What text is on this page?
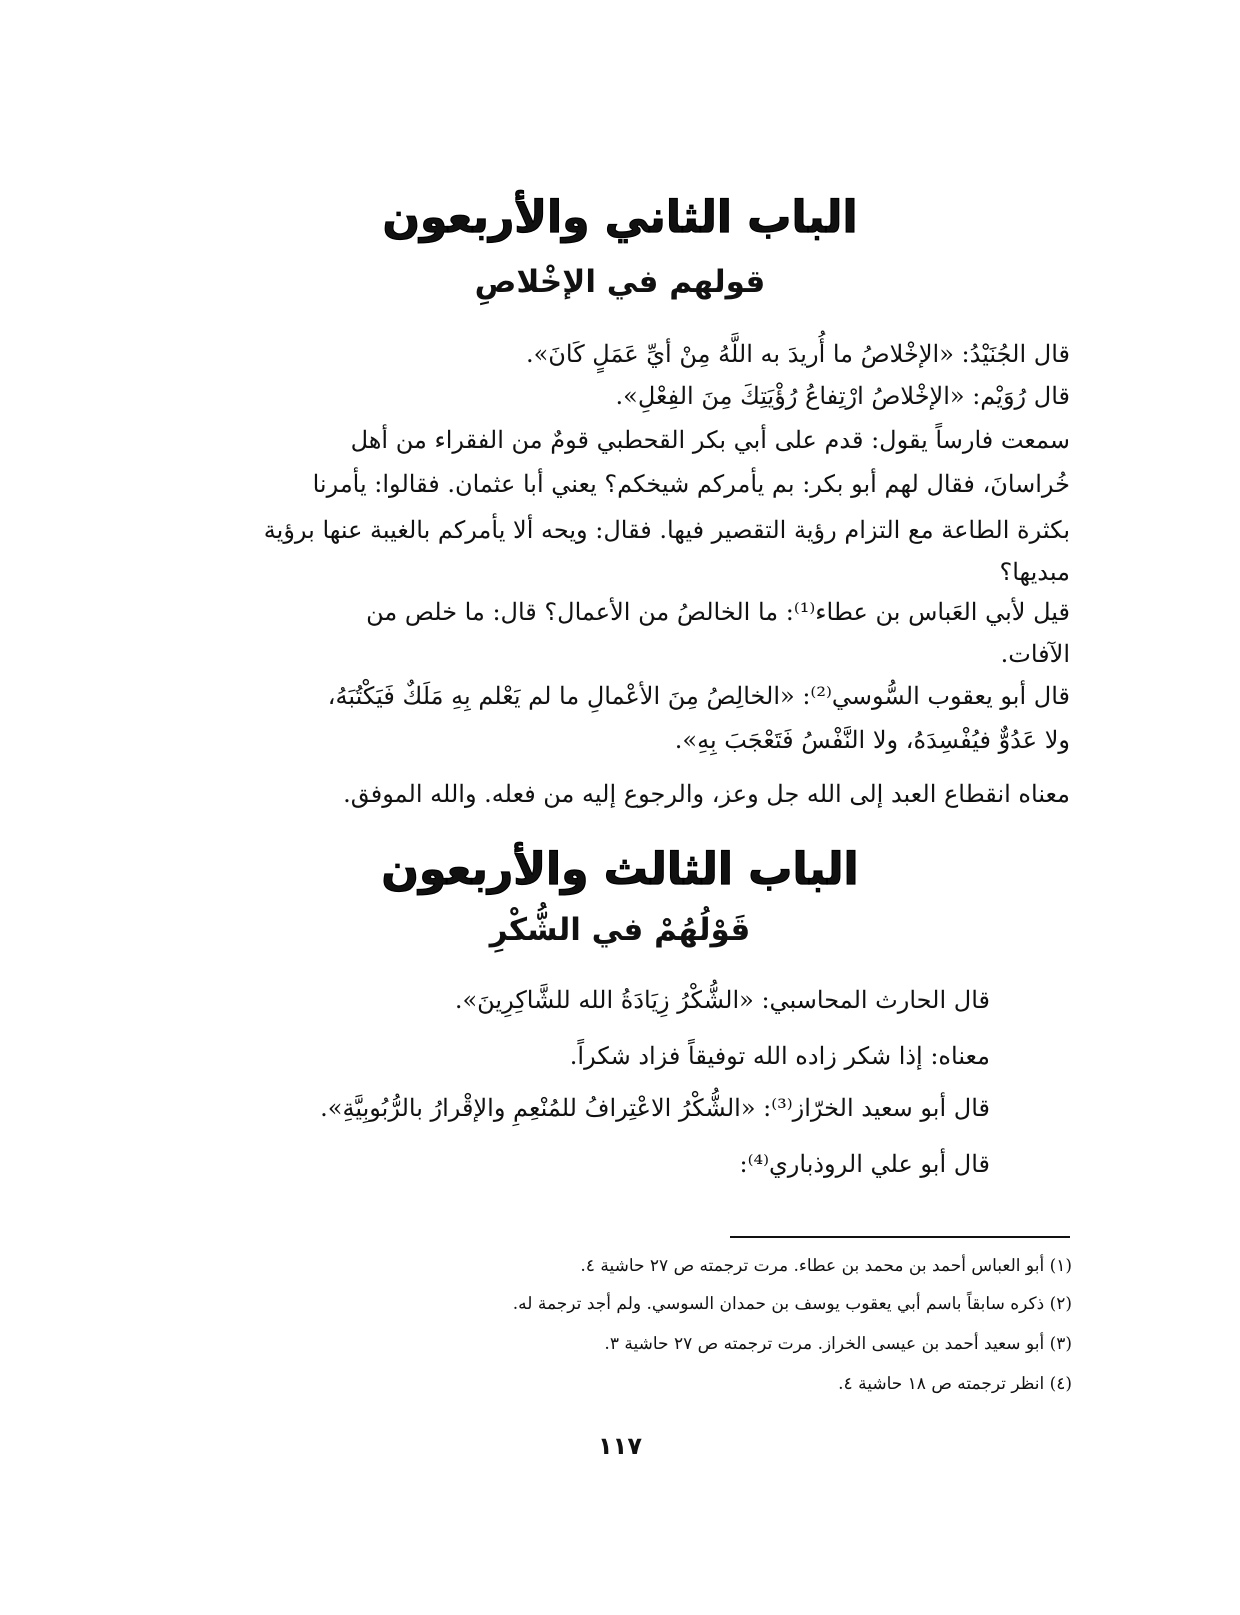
الباب الثاني والأربعون
قولهم في الإخْلاصِ
قال الجُنَيْدُ: «الإخْلاصُ ما أُريدَ به اللَّهُ مِنْ أيِّ عَمَلٍ كَانَ».
قال رُوَيْم: «الإخْلاصُ ارْتِفاعُ رُؤْيَتِكَ مِنَ الفِعْلِ».
سمعت فارساً يقول: قدم على أبي بكر القحطبي قومٌ من الفقراء من أهل
خُراسانَ، فقال لهم أبو بكر: بم يأمركم شيخكم؟ يعني أبا عثمان. فقالوا: يأمرنا
بكثرة الطاعة مع التزام رؤية التقصير فيها. فقال: ويحه ألا يأمركم بالغيبة عنها برؤية
مبديها؟
قيل لأبي العَباس بن عطاء⁽¹⁾: ما الخالصُ من الأعمال؟ قال: ما خلص من
الآفات.
قال أبو يعقوب السُّوسي⁽²⁾: «الخالِصُ مِنَ الأعْمالِ ما لم يَعْلم بِهِ مَلَكٌ فَيَكْتُبَهُ،
ولا عَدُوٌّ فيُفْسِدَهُ، ولا النَّفْسُ فَتَعْجَبَ بِهِ».
معناه انقطاع العبد إلى الله جل وعز، والرجوع إليه من فعله. والله الموفق.
الباب الثالث والأربعون
قَوْلُهُمْ في الشُّكْرِ
قال الحارث المحاسبي: «الشُّكْرُ زِيَادَةُ الله للشَّاكِرِينَ».
معناه: إذا شكر زاده الله توفيقاً فزاد شكراً.
قال أبو سعيد الخرّاز⁽³⁾: «الشُّكْرُ الاعْتِرافُ للمُنْعِمِ والإقْرارُ بالرُّبُوبِيَّةِ».
قال أبو علي الروذباري⁽⁴⁾:
(١) أبو العباس أحمد بن محمد بن عطاء. مرت ترجمته ص ٢٧ حاشية ٤.
(٢) ذكره سابقاً باسم أبي يعقوب يوسف بن حمدان السوسي. ولم أجد ترجمة له.
(٣) أبو سعيد أحمد بن عيسى الخراز. مرت ترجمته ص ٢٧ حاشية ٣.
(٤) انظر ترجمته ص ١٨ حاشية ٤.
١١٧
